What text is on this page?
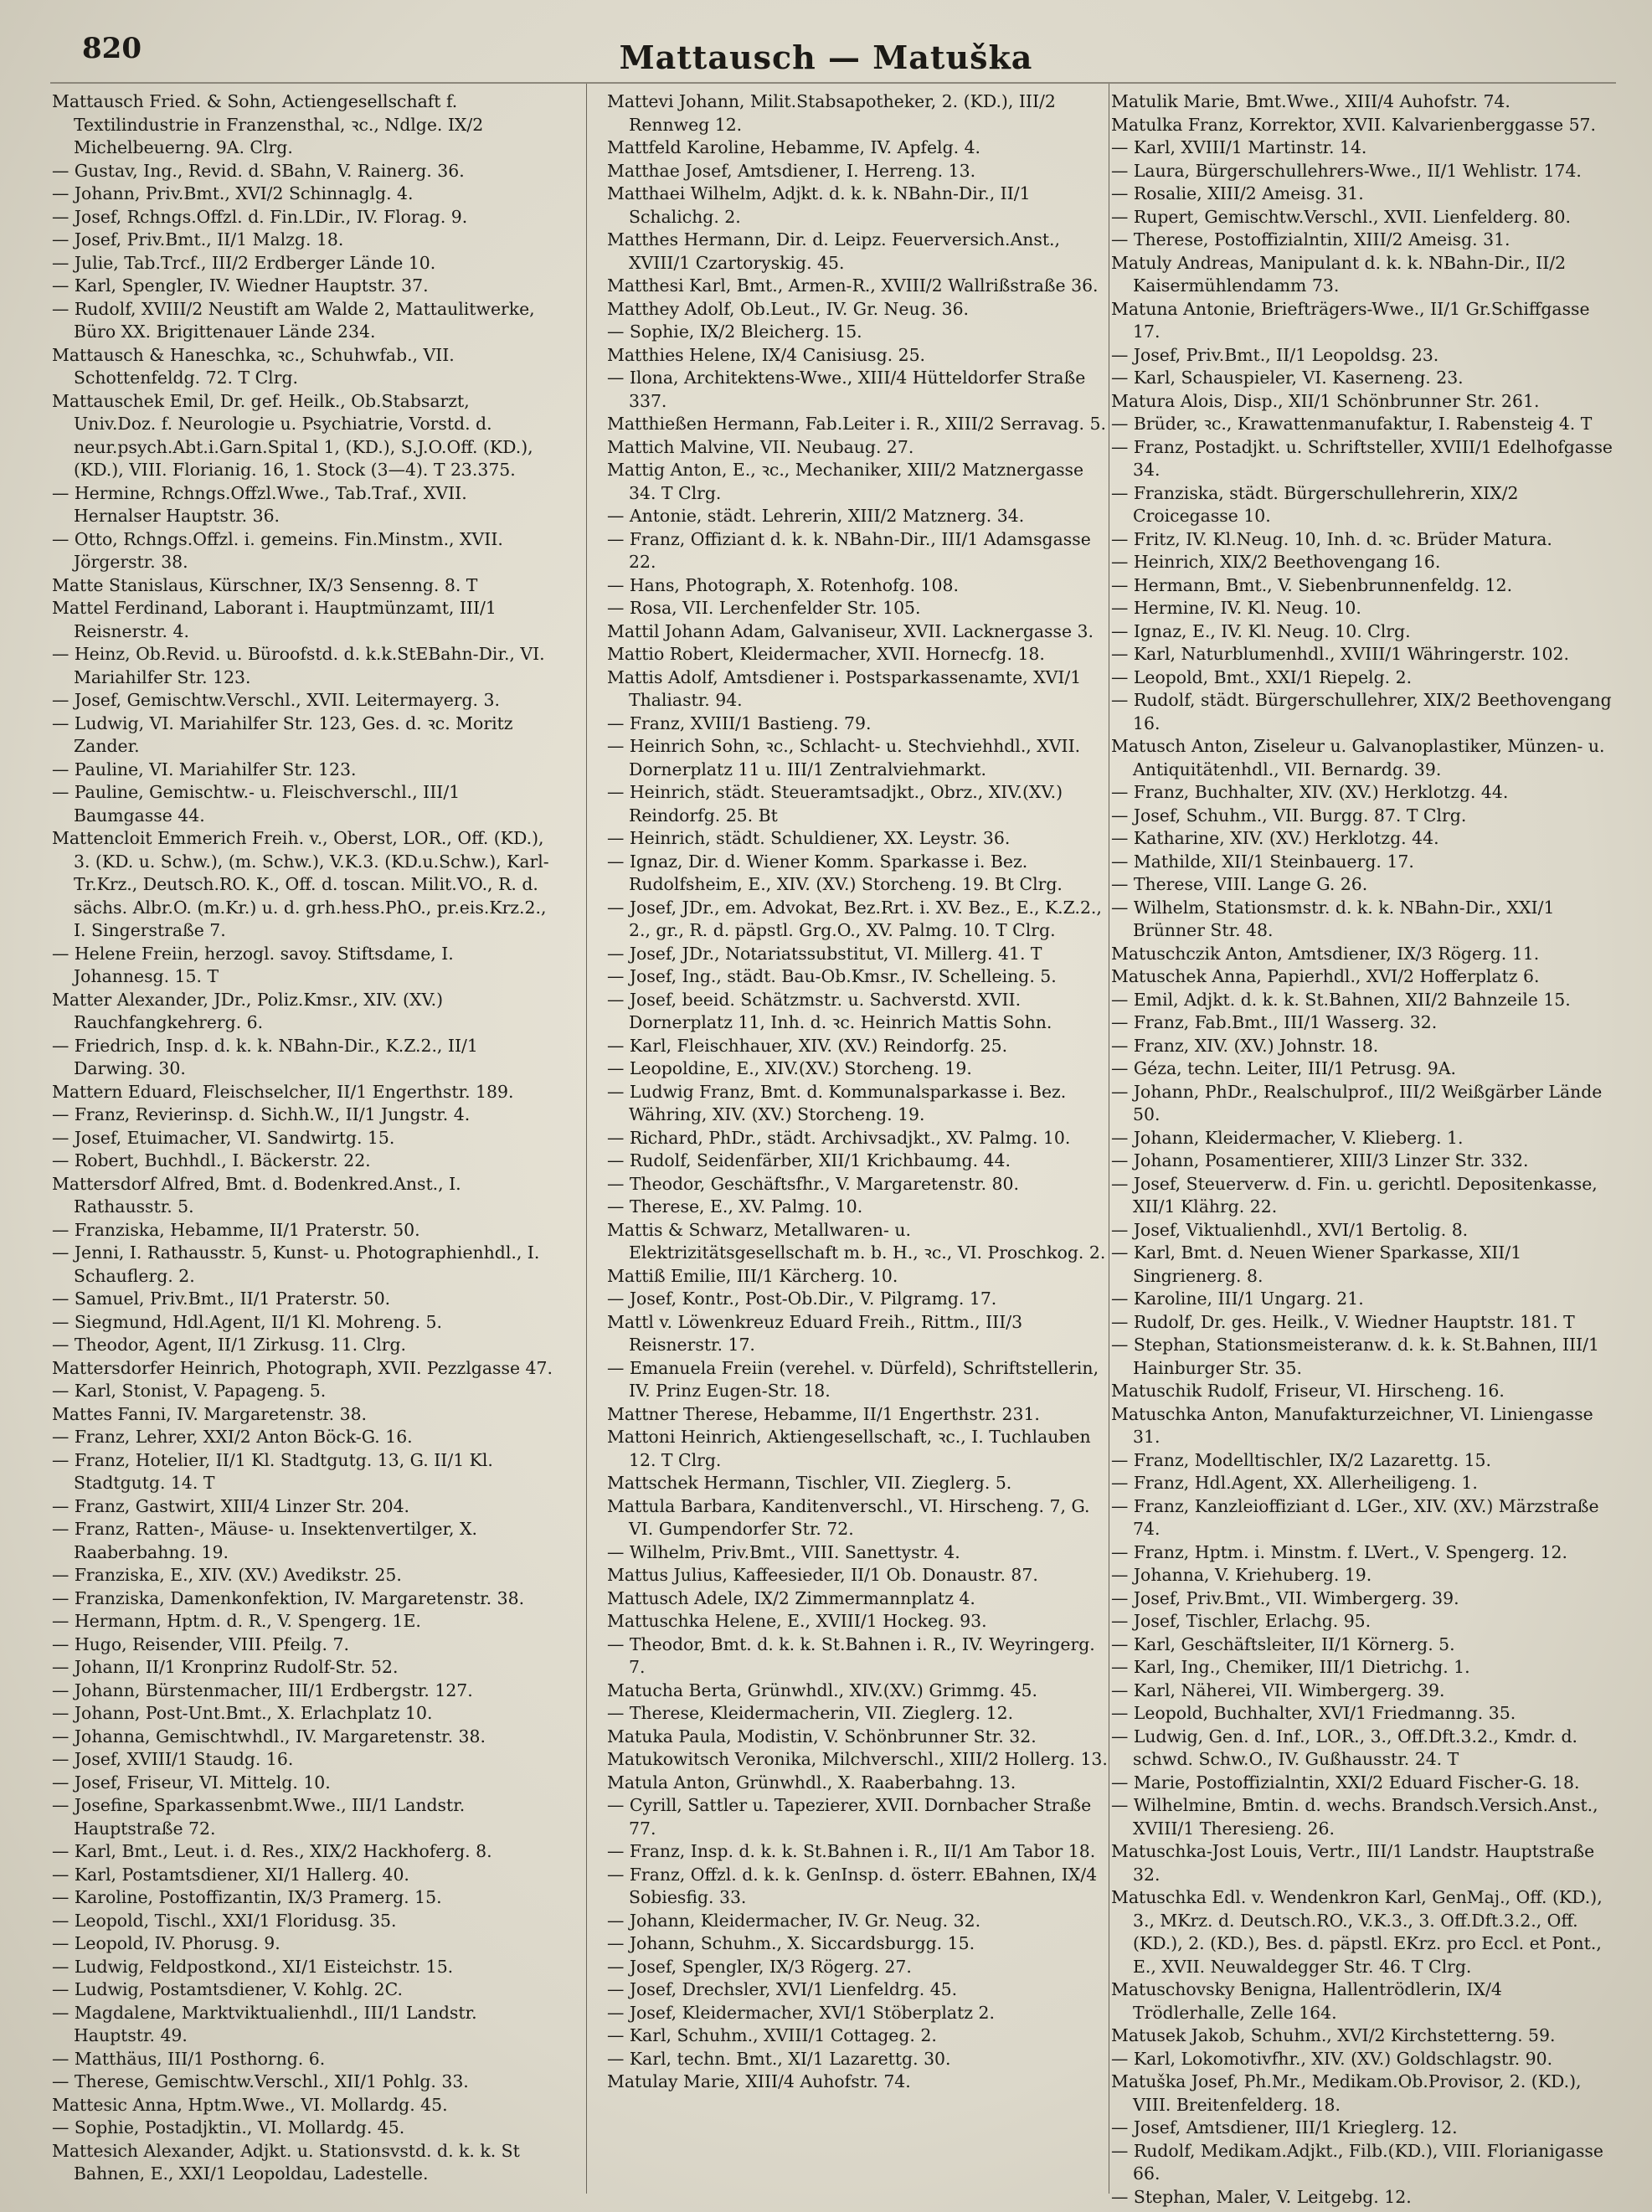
820	Mattausch — Matuška
Mattausch Fried. & Sohn, Actiengesellschaft f. Textilindustrie in Franzensthal, ꝛc., Ndlge. IX/2 Michelbeuerng. 9A. Clrg.
— Gustav, Ing., Revid. d. SBahn, V. Rainerg. 36.
— Johann, Priv.Bmt., XVI/2 Schinnaglg. 4.
— Josef, Rchngs.Offzl. d. Fin.LDir., IV. Florag. 9.
— Josef, Priv.Bmt., II/1 Malzg. 18.
— Julie, Tab.Trcf., III/2 Erdberger Lände 10.
— Karl, Spengler, IV. Wiedner Hauptstr. 37.
— Rudolf, XVIII/2 Neustift am Walde 2, Mattaulitwerke, Büro XX. Brigittenauer Lände 234.
Mattausch & Haneschka, ꝛc., Schuhwfab., VII. Schottenfeldg. 72. T Clrg.
Mattauschek Emil, Dr. gef. Heilk., Ob.Stabsarzt, Univ.Doz. f. Neurologie u. Psychiatrie, Vorstd. d. neur.psych.Abt.i.Garn.Spital 1, (KD.), S.J.O.Off. (KD.), (KD.), VIII. Florianig. 16, 1. Stock (3—4). T 23.375.
— Hermine, Rchngs.Offzl.Wwe., Tab.Traf., XVII. Hernalser Hauptstr. 36.
— Otto, Rchngs.Offzl. i. gemeins. Fin.Minstm., XVII. Jörgerstr. 38.
Matte Stanislaus, Kürschner, IX/3 Sensenng. 8. T
Mattel Ferdinand, Laborant i. Hauptmünzamt, III/1 Reisnerstr. 4.
— Heinz, Ob.Revid. u. Büroofstd. d. k.k.StEBahn-Dir., VI. Mariahilfer Str. 123.
— Josef, Gemischtw.Verschl., XVII. Leitermayerg. 3.
— Ludwig, VI. Mariahilfer Str. 123, Ges. d. ꝛc. Moritz Zander.
— Pauline, VI. Mariahilfer Str. 123.
— Pauline, Gemischtw.- u. Fleischverschl., III/1 Baumgasse 44.
Mattencloit Emmerich Freih. v., Oberst, LOR., Off. (KD.), 3. (KD. u. Schw.), (m. Schw.), V.K.3. (KD.u.Schw.), Karl-Tr.Krz., Deutsch.RO. K., Off. d. toscan. Milit.VO., R. d. sächs. Albr.O. (m.Kr.) u. d. grh.hess.PhO., pr.eis.Krz.2., I. Singerstraße 7.
— Helene Freiin, herzogl. savoy. Stiftsdame, I. Johannesg. 15. T
Matter Alexander, JDr., Poliz.Kmsr., XIV. (XV.) Rauchfangkehrerg. 6.
— Friedrich, Insp. d. k. k. NBahn-Dir., K.Z.2., II/1 Darwing. 30.
Mattern Eduard, Fleischselcher, II/1 Engerthstr. 189.
— Franz, Revierinsp. d. Sichh.W., II/1 Jungstr. 4.
— Josef, Etuimacher, VI. Sandwirtg. 15.
— Robert, Buchhdl., I. Bäckerstr. 22.
Mattersdorf Alfred, Bmt. d. Bodenkred.Anst., I. Rathausstr. 5.
— Franziska, Hebamme, II/1 Praterstr. 50.
— Jenni, I. Rathausstr. 5, Kunst- u. Photographienhdl., I. Schauflerg. 2.
— Samuel, Priv.Bmt., II/1 Praterstr. 50.
— Siegmund, Hdl.Agent, II/1 Kl. Mohreng. 5.
— Theodor, Agent, II/1 Zirkusg. 11. Clrg.
Mattersdorfer Heinrich, Photograph, XVII. Pezzlgasse 47.
— Karl, Stonist, V. Papageng. 5.
Mattes Fanni, IV. Margaretenstr. 38.
— Franz, Lehrer, XXI/2 Anton Böck-G. 16.
— Franz, Hotelier, II/1 Kl. Stadtgutg. 13, G. II/1 Kl. Stadtgutg. 14. T
— Franz, Gastwirt, XIII/4 Linzer Str. 204.
— Franz, Ratten-, Mäuse- u. Insektenvertilger, X. Raaberbahng. 19.
— Franziska, E., XIV. (XV.) Avedikstr. 25.
— Franziska, Damenkonfektion, IV. Margaretenstr. 38.
— Hermann, Hptm. d. R., V. Spengerg. 1E.
— Hugo, Reisender, VIII. Pfeilg. 7.
— Johann, II/1 Kronprinz Rudolf-Str. 52.
— Johann, Bürstenmacher, III/1 Erdbergstr. 127.
— Johann, Post-Unt.Bmt., X. Erlachplatz 10.
— Johanna, Gemischtwhdl., IV. Margaretenstr. 38.
— Josef, XVIII/1 Staudg. 16.
— Josef, Friseur, VI. Mittelg. 10.
— Josefine, Sparkassenbmt.Wwe., III/1 Landstr. Hauptstraße 72.
— Karl, Bmt., Leut. i. d. Res., XIX/2 Hackhoferg. 8.
— Karl, Postamtsdiener, XI/1 Hallerg. 40.
— Karoline, Postoffizantin, IX/3 Pramerg. 15.
— Leopold, Tischl., XXI/1 Floridusg. 35.
— Leopold, IV. Phorusg. 9.
— Ludwig, Feldpostkond., XI/1 Eisteichstr. 15.
— Ludwig, Postamtsdiener, V. Kohlg. 2C.
— Magdalene, Marktviktualienhdl., III/1 Landstr. Hauptstr. 49.
— Matthäus, III/1 Posthorng. 6.
— Therese, Gemischtw.Verschl., XII/1 Pohlg. 33.
Mattesic Anna, Hptm.Wwe., VI. Mollardg. 45.
— Sophie, Postadjktin., VI. Mollardg. 45.
Mattesich Alexander, Adjkt. u. Stationsvstd. d. k. k. St Bahnen, E., XXI/1 Leopoldau, Ladestelle.
Mattevi Johann, Milit.Stabsapotheker, 2. (KD.), III/2 Rennweg 12.
Mattfeld Karoline, Hebamme, IV. Apfelg. 4.
Matthae Josef, Amtsdiener, I. Herreng. 13.
Matthaei Wilhelm, Adjkt. d. k. k. NBahn-Dir., II/1 Schalichg. 2.
Matthes Hermann, Dir. d. Leipz. Feuerversich.Anst., XVIII/1 Czartoryskig. 45.
Matthesi Karl, Bmt., Armen-R., XVIII/2 Wallrißstraße 36.
Matthey Adolf, Ob.Leut., IV. Gr. Neug. 36.
— Sophie, IX/2 Bleicherg. 15.
Matthies Helene, IX/4 Canisiusg. 25.
— Ilona, Architektens-Wwe., XIII/4 Hütteldorfer Straße 337.
Matthießen Hermann, Fab.Leiter i. R., XIII/2 Serravag. 5.
Mattich Malvine, VII. Neubaug. 27.
Mattig Anton, E., ꝛc., Mechaniker, XIII/2 Matznergasse 34. T Clrg.
— Antonie, städt. Lehrerin, XIII/2 Matznerg. 34.
— Franz, Offiziant d. k. k. NBahn-Dir., III/1 Adamsgasse 22.
— Hans, Photograph, X. Rotenhofg. 108.
— Rosa, VII. Lerchenfelder Str. 105.
Mattil Johann Adam, Galvaniseur, XVII. Lacknergasse 3.
Mattio Robert, Kleidermacher, XVII. Hornecfg. 18.
Mattis Adolf, Amtsdiener i. Postsparkassenamte, XVI/1 Thaliastr. 94.
— Franz, XVIII/1 Bastieng. 79.
— Heinrich Sohn, ꝛc., Schlacht- u. Stechviehhdl., XVII. Dornerplatz 11 u. III/1 Zentralviehmarkt.
— Heinrich, städt. Steueramtsadjkt., Obrz., XIV.(XV.) Reindorfg. 25. Bt
— Heinrich, städt. Schuldiener, XX. Leystr. 36.
— Ignaz, Dir. d. Wiener Komm. Sparkasse i. Bez. Rudolfsheim, E., XIV. (XV.) Storcheng. 19. Bt Clrg.
— Josef, JDr., em. Advokat, Bez.Rrt. i. XV. Bez., E., K.Z.2., 2., gr., R. d. päpstl. Grg.O., XV. Palmg. 10. T Clrg.
— Josef, JDr., Notariatssubstitut, VI. Millerg. 41. T
— Josef, Ing., städt. Bau-Ob.Kmsr., IV. Schelleing. 5.
— Josef, beeid. Schätzmstr. u. Sachverstd. XVII. Dornerplatz 11, Inh. d. ꝛc. Heinrich Mattis Sohn.
— Karl, Fleischhauer, XIV. (XV.) Reindorfg. 25.
— Leopoldine, E., XIV.(XV.) Storcheng. 19.
— Ludwig Franz, Bmt. d. Kommunalsparkasse i. Bez. Währing, XIV. (XV.) Storcheng. 19.
— Richard, PhDr., städt. Archivsadjkt., XV. Palmg. 10.
— Rudolf, Seidenfärber, XII/1 Krichbaumg. 44.
— Theodor, Geschäftsfhr., V. Margaretenstr. 80.
— Therese, E., XV. Palmg. 10.
Mattis & Schwarz, Metallwaren- u. Elektrizitätsgesellschaft m. b. H., ꝛc., VI. Proschkog. 2.
Mattiß Emilie, III/1 Kärcherg. 10.
— Josef, Kontr., Post-Ob.Dir., V. Pilgramg. 17.
Mattl v. Löwenkreuz Eduard Freih., Rittm., III/3 Reisnerstr. 17.
— Emanuela Freiin (verehel. v. Dürfeld), Schriftstellerin, IV. Prinz Eugen-Str. 18.
Mattner Therese, Hebamme, II/1 Engerthstr. 231.
Mattoni Heinrich, Aktiengesellschaft, ꝛc., I. Tuchlauben 12. T Clrg.
Mattschek Hermann, Tischler, VII. Zieglerg. 5.
Mattula Barbara, Kanditenverschl., VI. Hirscheng. 7, G. VI. Gumpendorfer Str. 72.
— Wilhelm, Priv.Bmt., VIII. Sanettystr. 4.
Mattus Julius, Kaffeesieder, II/1 Ob. Donaustr. 87.
Mattusch Adele, IX/2 Zimmermannplatz 4.
Mattuschka Helene, E., XVIII/1 Hockeg. 93.
— Theodor, Bmt. d. k. k. St.Bahnen i. R., IV. Weyringerg. 7.
Matucha Berta, Grünwhdl., XIV.(XV.) Grimmg. 45.
— Therese, Kleidermacherin, VII. Zieglerg. 12.
Matuka Paula, Modistin, V. Schönbrunner Str. 32.
Matukowitsch Veronika, Milchverschl., XIII/2 Hollerg. 13.
Matula Anton, Grünwhdl., X. Raaberbahng. 13.
— Cyrill, Sattler u. Tapezierer, XVII. Dornbacher Straße 77.
— Franz, Insp. d. k. k. St.Bahnen i. R., II/1 Am Tabor 18.
— Franz, Offzl. d. k. k. GenInsp. d. österr. EBahnen, IX/4 Sobiesfig. 33.
— Johann, Kleidermacher, IV. Gr. Neug. 32.
— Johann, Schuhm., X. Siccardsburgg. 15.
— Josef, Spengler, IX/3 Rögerg. 27.
— Josef, Drechsler, XVI/1 Lienfeldrg. 45.
— Josef, Kleidermacher, XVI/1 Stöberplatz 2.
— Karl, Schuhm., XVIII/1 Cottageg. 2.
— Karl, techn. Bmt., XI/1 Lazarettg. 30.
Matulay Marie, XIII/4 Auhofstr. 74.
Matulik Marie, Bmt.Wwe., XIII/4 Auhofstr. 74.
Matulka Franz, Korrektor, XVII. Kalvarienberggasse 57.
— Karl, XVIII/1 Martinstr. 14.
— Laura, Bürgerschullehrers-Wwe., II/1 Wehlistr. 174.
— Rosalie, XIII/2 Ameisg. 31.
— Rupert, Gemischtw.Verschl., XVII. Lienfelderg. 80.
— Therese, Postoffizialntin, XIII/2 Ameisg. 31.
Matuly Andreas, Manipulant d. k. k. NBahn-Dir., II/2 Kaisermühlendamm 73.
Matuna Antonie, Briefträgers-Wwe., II/1 Gr.Schiffgasse 17.
— Josef, Priv.Bmt., II/1 Leopoldsg. 23.
— Karl, Schauspieler, VI. Kaserneng. 23.
Matura Alois, Disp., XII/1 Schönbrunner Str. 261.
— Brüder, ꝛc., Krawattenmanufaktur, I. Rabensteig 4. T
— Franz, Postadjkt. u. Schriftsteller, XVIII/1 Edelhofgasse 34.
— Franziska, städt. Bürgerschullehrerin, XIX/2 Croicegasse 10.
— Fritz, IV. Kl.Neug. 10, Inh. d. ꝛc. Brüder Matura.
— Heinrich, XIX/2 Beethovengang 16.
— Hermann, Bmt., V. Siebenbrunnenfeldg. 12.
— Hermine, IV. Kl. Neug. 10.
— Ignaz, E., IV. Kl. Neug. 10. Clrg.
— Karl, Naturblumenhdl., XVIII/1 Währingerstr. 102.
— Leopold, Bmt., XXI/1 Riepelg. 2.
— Rudolf, städt. Bürgerschullehrer, XIX/2 Beethovengang 16.
Matusch Anton, Ziseleur u. Galvanoplastiker, Münzen- u. Antiquitätenhdl., VII. Bernardg. 39.
— Franz, Buchhalter, XIV. (XV.) Herklotzg. 44.
— Josef, Schuhm., VII. Burgg. 87. T Clrg.
— Katharine, XIV. (XV.) Herklotzg. 44.
— Mathilde, XII/1 Steinbauerg. 17.
— Therese, VIII. Lange G. 26.
— Wilhelm, Stationsmstr. d. k. k. NBahn-Dir., XXI/1 Brünner Str. 48.
Matuschczik Anton, Amtsdiener, IX/3 Rögerg. 11.
Matuschek Anna, Papierhdl., XVI/2 Hofferplatz 6.
— Emil, Adjkt. d. k. k. St.Bahnen, XII/2 Bahnzeile 15.
— Franz, Fab.Bmt., III/1 Wasserg. 32.
— Franz, XIV. (XV.) Johnstr. 18.
— Géza, techn. Leiter, III/1 Petrusg. 9A.
— Johann, PhDr., Realschulprof., III/2 Weißgärber Lände 50.
— Johann, Kleidermacher, V. Klieberg. 1.
— Johann, Posamentierer, XIII/3 Linzer Str. 332.
— Josef, Steuerverw. d. Fin. u. gerichtl. Depositenkasse, XII/1 Klährg. 22.
— Josef, Viktualienhdl., XVI/1 Bertolig. 8.
— Karl, Bmt. d. Neuen Wiener Sparkasse, XII/1 Singrienerg. 8.
— Karoline, III/1 Ungarg. 21.
— Rudolf, Dr. ges. Heilk., V. Wiedner Hauptstr. 181. T
— Stephan, Stationsmeisteranw. d. k. k. St.Bahnen, III/1 Hainburger Str. 35.
Matuschik Rudolf, Friseur, VI. Hirscheng. 16.
Matuschka Anton, Manufakturzeichner, VI. Liniengasse 31.
— Franz, Modelltischler, IX/2 Lazarettg. 15.
— Franz, Hdl.Agent, XX. Allerheiligeng. 1.
— Franz, Kanzleioffiziant d. LGer., XIV. (XV.) Märzstraße 74.
— Franz, Hptm. i. Minstm. f. LVert., V. Spengerg. 12.
— Johanna, V. Kriehuberg. 19.
— Josef, Priv.Bmt., VII. Wimbergerg. 39.
— Josef, Tischler, Erlachg. 95.
— Karl, Geschäftsleiter, II/1 Körnerg. 5.
— Karl, Ing., Chemiker, III/1 Dietrichg. 1.
— Karl, Näherei, VII. Wimbergerg. 39.
— Leopold, Buchhalter, XVI/1 Friedmanng. 35.
— Ludwig, Gen. d. Inf., LOR., 3., Off.Dft.3.2., Kmdr. d. schwd. Schw.O., IV. Gußhausstr. 24. T
— Marie, Postoffizialntin, XXI/2 Eduard Fischer-G. 18.
— Wilhelmine, Bmtin. d. wechs. Brandsch.Versich.Anst., XVIII/1 Theresieng. 26.
Matuschka-Jost Louis, Vertr., III/1 Landstr. Hauptstraße 32.
Matuschka Edl. v. Wendenkron Karl, GenMaj., Off. (KD.), 3., MKrz. d. Deutsch.RO., V.K.3., 3. Off.Dft.3.2., Off. (KD.), 2. (KD.), Bes. d. päpstl. EKrz. pro Eccl. et Pont., E., XVII. Neuwaldegger Str. 46. T Clrg.
Matuschovsky Benigna, Hallentrödlerin, IX/4 Trödlerhalle, Zelle 164.
Matusek Jakob, Schuhm., XVI/2 Kirchstetterng. 59.
— Karl, Lokomotivfhr., XIV. (XV.) Goldschlagstr. 90.
Matuška Josef, Ph.Mr., Medikam.Ob.Provisor, 2. (KD.), VIII. Breitenfelderg. 18.
— Josef, Amtsdiener, III/1 Krieglerg. 12.
— Rudolf, Medikam.Adjkt., Filb.(KD.), VIII. Florianigasse 66.
— Stephan, Maler, V. Leitgebg. 12.
